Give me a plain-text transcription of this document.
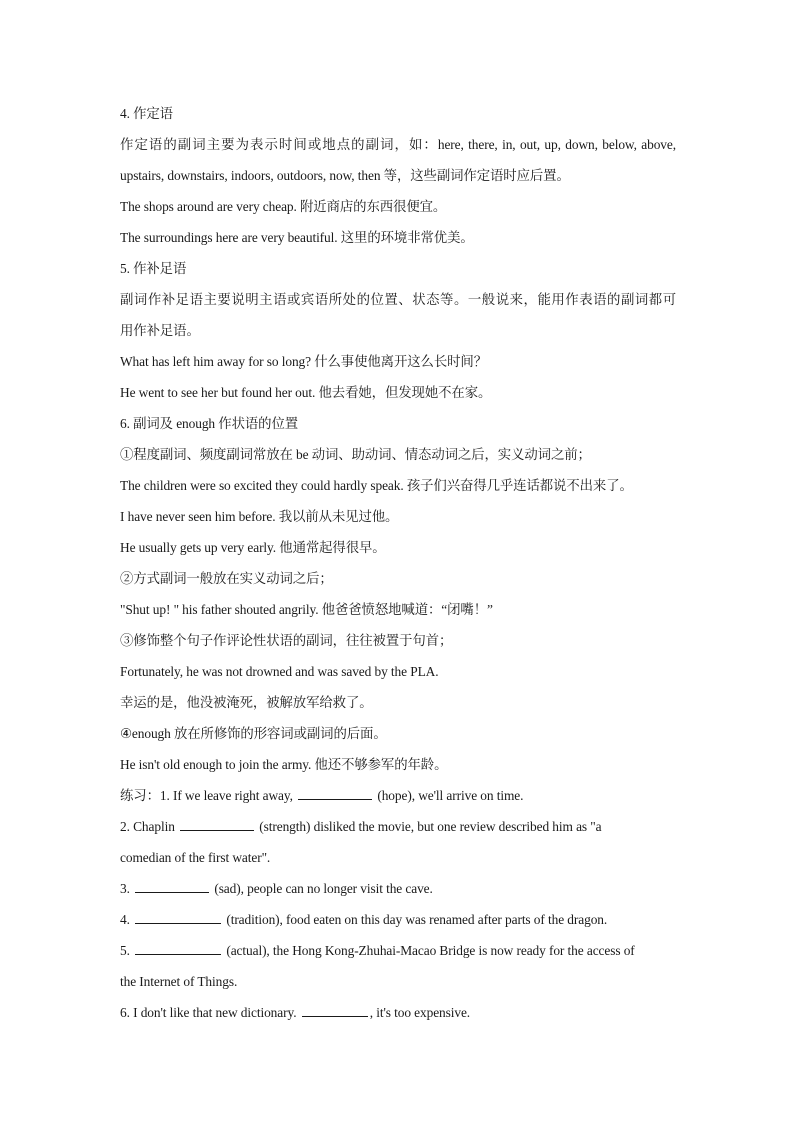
4. 作定语
作定语的副词主要为表示时间或地点的副词，如：here, there, in, out, up, down, below, above,
upstairs, downstairs, indoors, outdoors, now, then 等，这些副词作定语时应后置。
The shops around are very cheap. 附近商店的东西很便宜。
The surroundings here are very beautiful. 这里的环境非常优美。
5. 作补足语
副词作补足语主要说明主语或宾语所处的位置、状态等。一般说来，能用作表语的副词都可
用作补足语。
What has left him away for so long? 什么事使他离开这么长时间？
He went to see her but found her out. 他去看她，但发现她不在家。
6. 副词及 enough 作状语的位置
①程度副词、频度副词常放在 be 动词、助动词、情态动词之后，实义动词之前；
The children were so excited they could hardly speak. 孩子们兴奋得几乎连话都说不出来了。
I have never seen him before. 我以前从未见过他。
He usually gets up very early. 他通常起得很早。
②方式副词一般放在实义动词之后；
"Shut up! " his father shouted angrily. 他爸爸愤怒地喊道：“闭嘴！”
③修饰整个句子作评论性状语的副词，往往被置于句首；
Fortunately, he was not drowned and was saved by the PLA.
幸运的是，他没被淹死，被解放军给救了。
④enough 放在所修饰的形容词或副词的后面。
He isn't old enough to join the army. 他还不够参军的年龄。
练习：1. If we leave right away,	(hope), we'll arrive on time.
2. Chaplin	(strength) disliked the movie, but one review described him as "a
comedian of the first water".
3.	(sad), people can no longer visit the cave.
4.	(tradition), food eaten on this day was renamed after parts of the dragon.
5.	(actual), the Hong Kong-Zhuhai-Macao Bridge is now ready for the access of
the Internet of Things.
6. I don't like that new dictionary.	, it's too expensive.
